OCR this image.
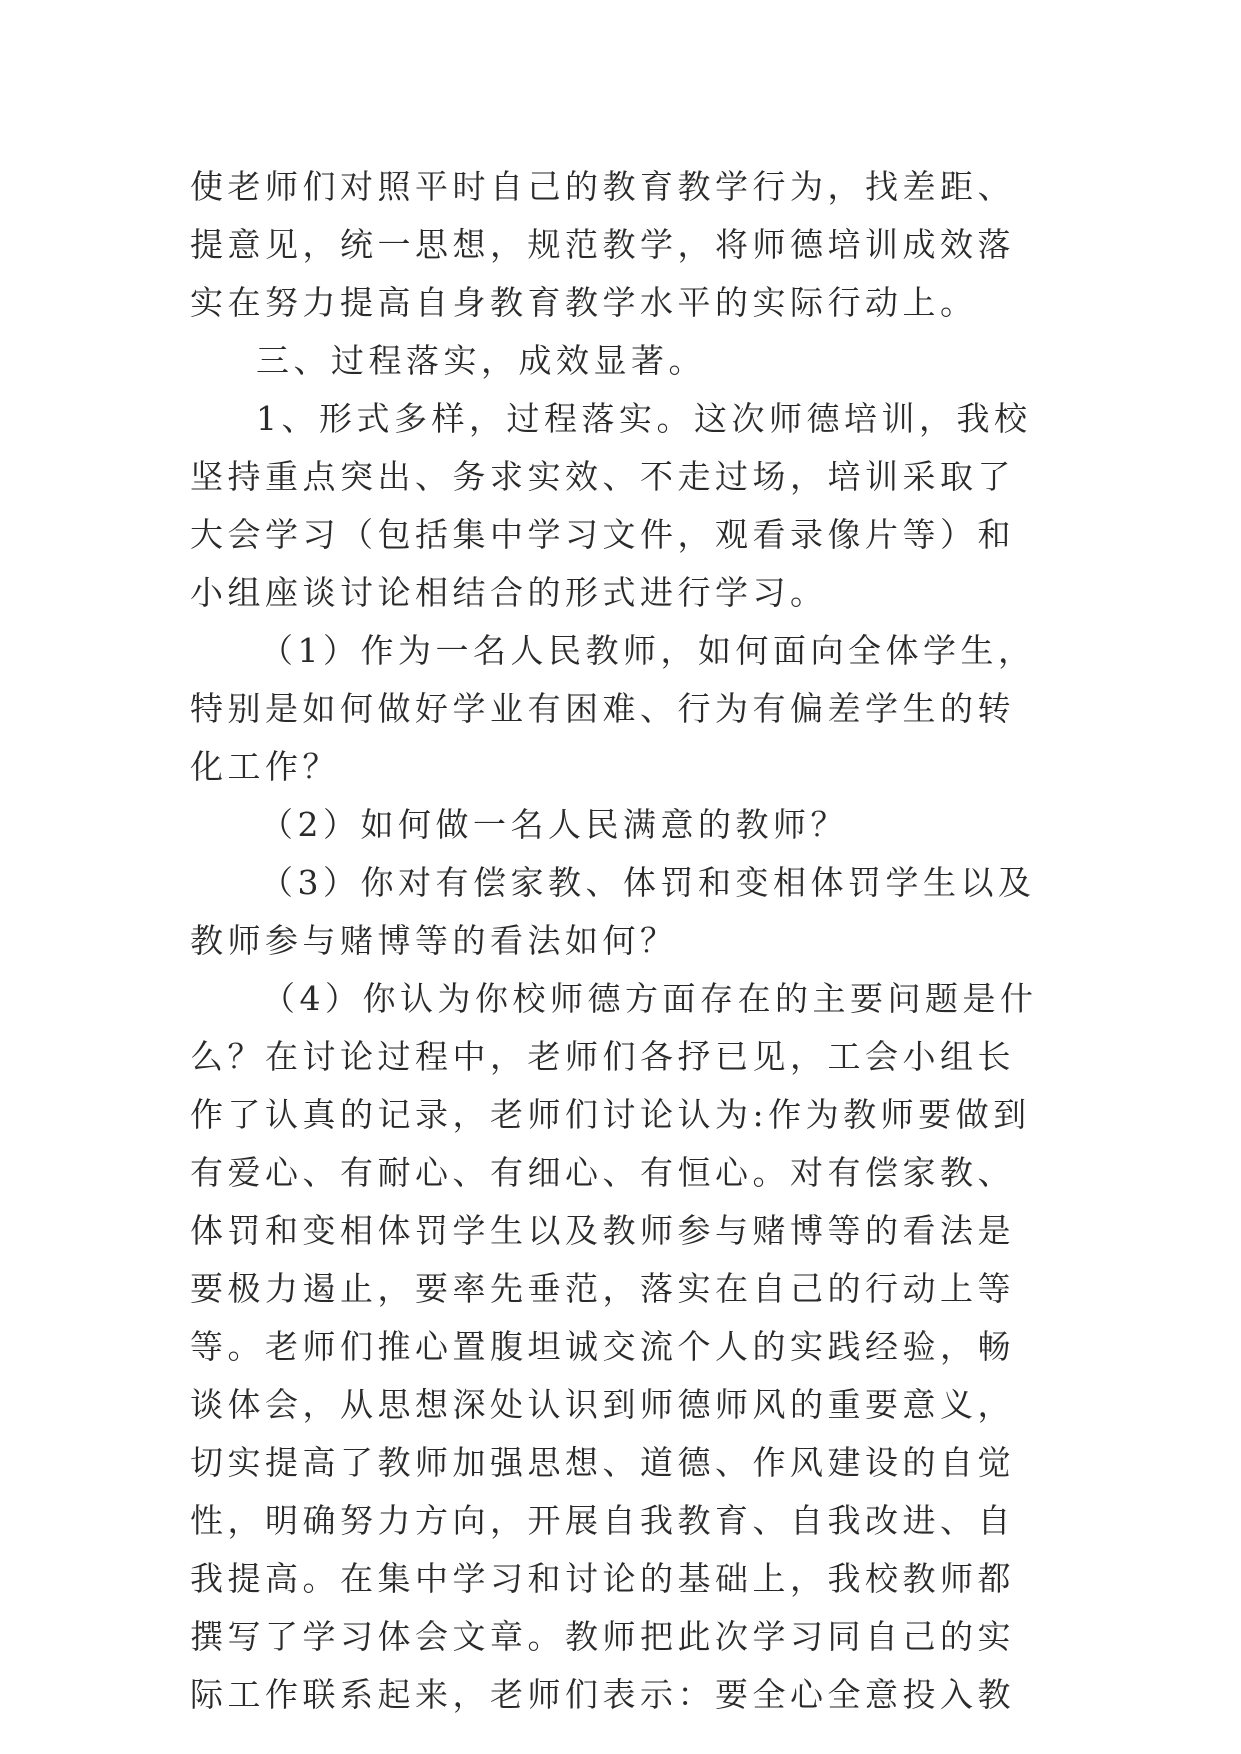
使老师们对照平时自己的教育教学行为，找差距、提意见，统一思想，规范教学，将师德培训成效落实在努力提高自身教育教学水平的实际行动上。

三、过程落实，成效显著。

1、形式多样，过程落实。这次师德培训，我校坚持重点突出、务求实效、不走过场，培训采取了大会学习（包括集中学习文件，观看录像片等）和小组座谈讨论相结合的形式进行学习。

（1）作为一名人民教师，如何面向全体学生，特别是如何做好学业有困难、行为有偏差学生的转化工作？

（2）如何做一名人民满意的教师？

（3）你对有偿家教、体罚和变相体罚学生以及教师参与赌博等的看法如何？

（4）你认为你校师德方面存在的主要问题是什么？在讨论过程中，老师们各抒已见，工会小组长作了认真的记录，老师们讨论认为:作为教师要做到有爱心、有耐心、有细心、有恒心。对有偿家教、体罚和变相体罚学生以及教师参与赌博等的看法是要极力遏止，要率先垂范，落实在自己的行动上等等。老师们推心置腹坦诚交流个人的实践经验，畅谈体会，从思想深处认识到师德师风的重要意义，切实提高了教师加强思想、道德、作风建设的自觉性，明确努力方向，开展自我教育、自我改进、自我提高。在集中学习和讨论的基础上，我校教师都撰写了学习体会文章。教师把此次学习同自己的实际工作联系起来，老师们表示：要全心全意投入教
